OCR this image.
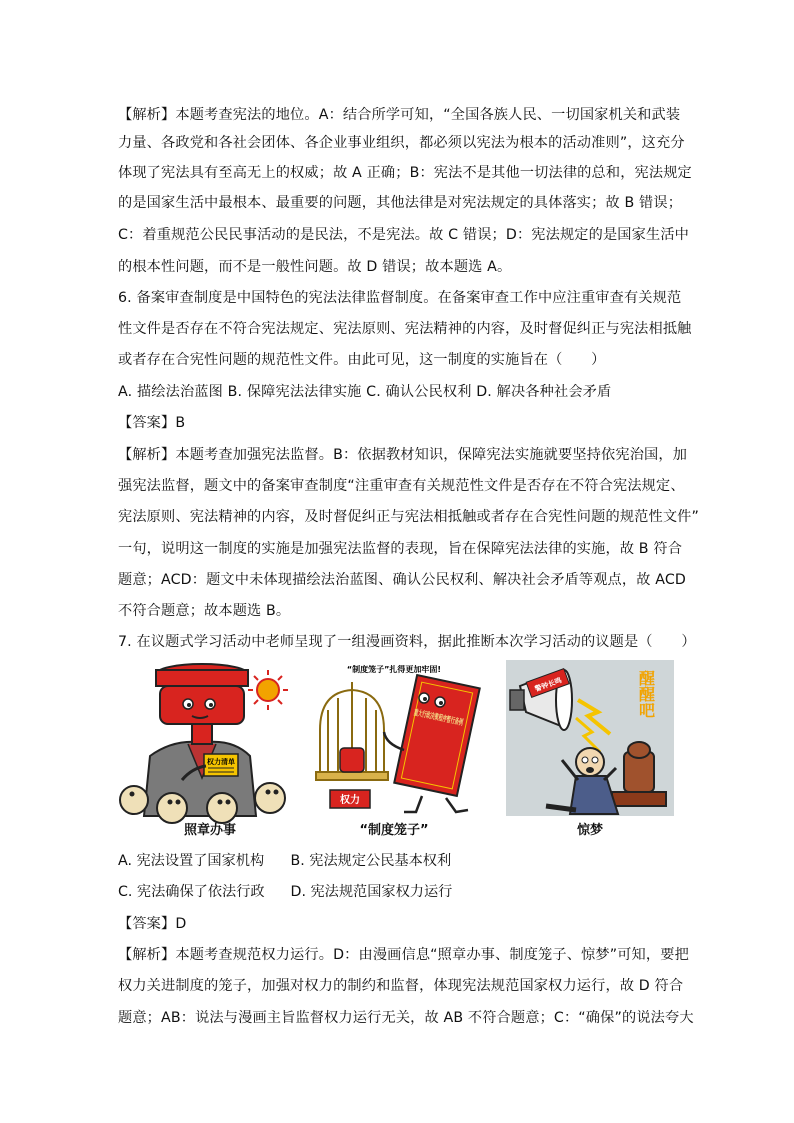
【解析】本题考查宪法的地位。A：结合所学可知，“全国各族人民、一切国家机关和武装
力量、各政党和各社会团体、各企业事业组织，都必须以宪法为根本的活动准则”，这充分
体现了宪法具有至高无上的权威；故 A 正确；B：宪法不是其他一切法律的总和，宪法规定
的是国家生活中最根本、最重要的问题，其他法律是对宪法规定的具体落实；故 B 错误；
C：着重规范公民民事活动的是民法，不是宪法。故 C 错误；D：宪法规定的是国家生活中
的根本性问题，而不是一般性问题。故 D 错误；故本题选 A。
6. 备案审查制度是中国特色的宪法法律监督制度。在备案审查工作中应注重审查有关规范
性文件是否存在不符合宪法规定、宪法原则、宪法精神的内容，及时督促纠正与宪法相抵触
或者存在合宪性问题的规范性文件。由此可见，这一制度的实施旨在（　　）
A. 描绘法治蓝图 B. 保障宪法法律实施 C. 确认公民权利 D. 解决各种社会矛盾
【答案】B
【解析】本题考查加强宪法监督。B：依据教材知识，保障宪法实施就要坚持依宪治国，加
强宪法监督，题文中的备案审查制度“注重审查有关规范性文件是否存在不符合宪法规定、
宪法原则、宪法精神的内容，及时督促纠正与宪法相抵触或者存在合宪性问题的规范性文件”
一句，说明这一制度的实施是加强宪法监督的表现，旨在保障宪法法律的实施，故 B 符合
题意；ACD：题文中未体现描绘法治蓝图、确认公民权利、解决社会矛盾等观点，故 ACD
不符合题意；故本题选 B。
7. 在议题式学习活动中老师呈现了一组漫画资料，据此推断本次学习活动的议题是（　　）
权力清单
照章办事
“制度笼子”扎得更加牢固!
权力
重大行政决策程序暂行条例
“制度笼子”
警钟长鸣	醒醒吧
惊梦
A. 宪法设置了国家机构 B. 宪法规定公民基本权利
C. 宪法确保了依法行政 D. 宪法规范国家权力运行
【答案】D
【解析】本题考查规范权力运行。D：由漫画信息“照章办事、制度笼子、惊梦”可知，要把
权力关进制度的笼子，加强对权力的制约和监督，体现宪法规范国家权力运行，故 D 符合
题意；AB：说法与漫画主旨监督权力运行无关，故 AB 不符合题意；C：“确保”的说法夸大
